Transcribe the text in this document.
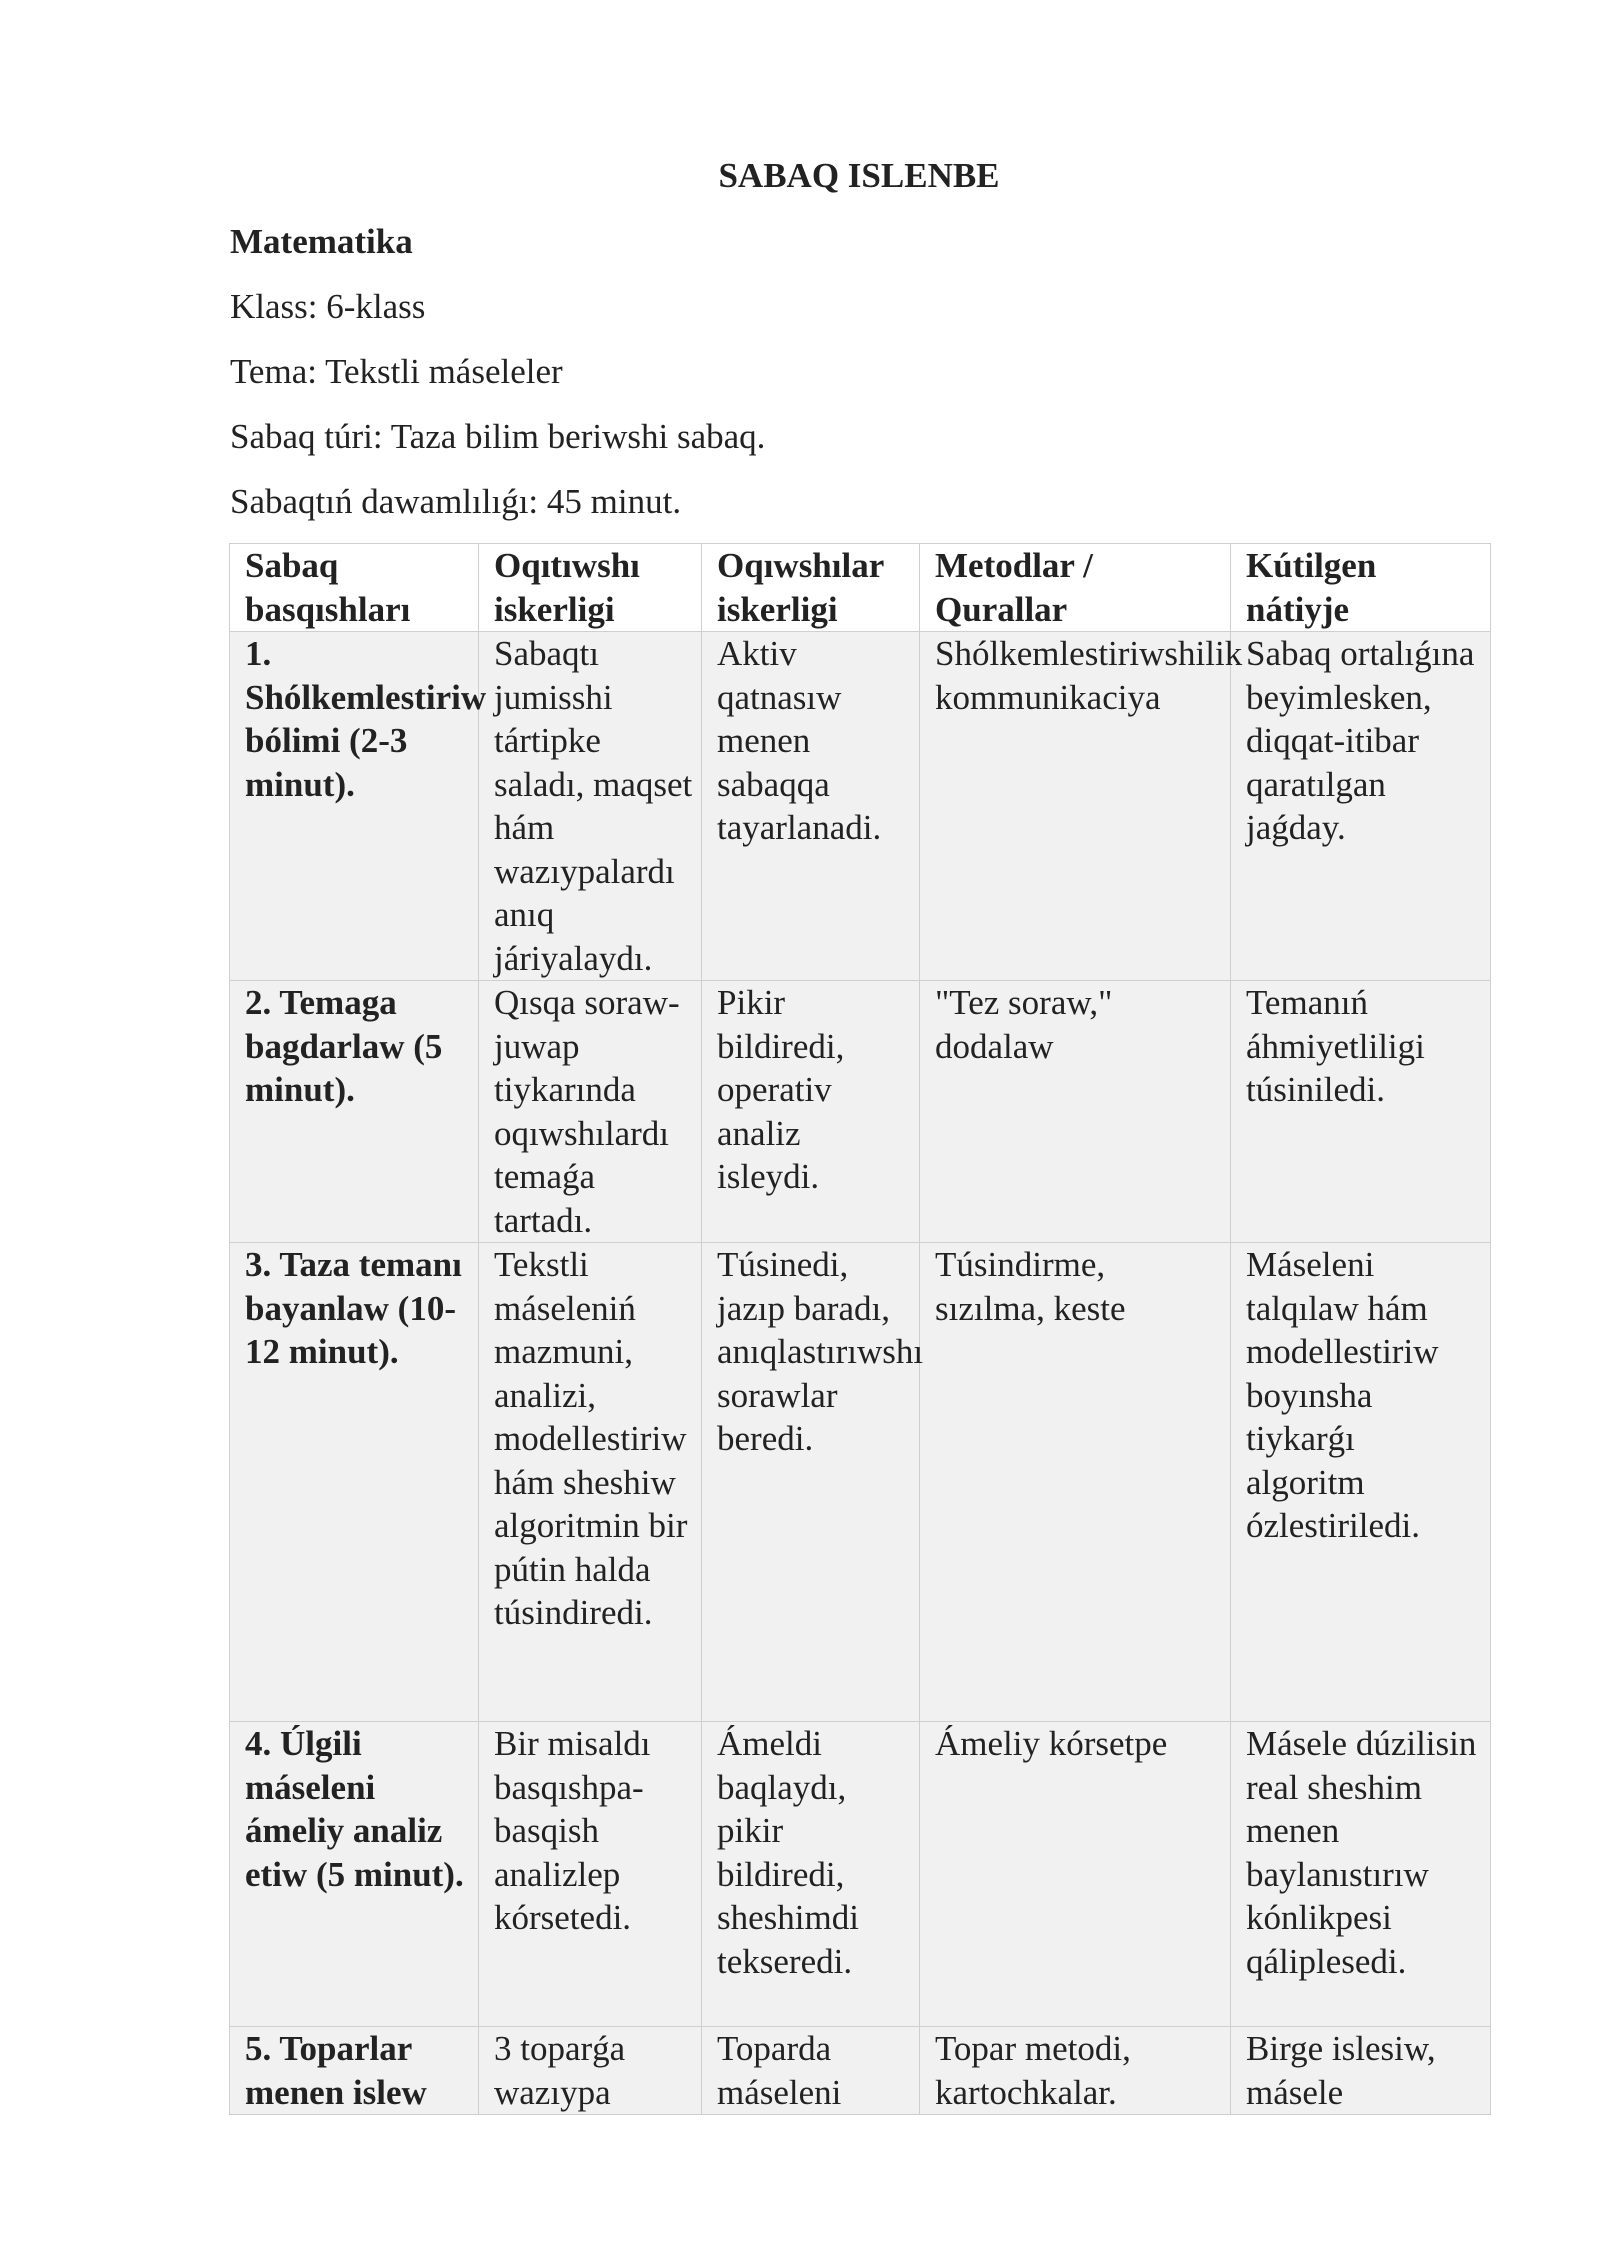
SABAQ ISLENBE

Matematika

Klass: 6-klass

Tema: Tekstli máseleler

Sabaq túri: Taza bilim beriwshi sabaq.

Sabaqtıń dawamlılıǵı: 45 minut.

Sabaq basqıshları	Oqıtıwshı iskerligi	Oqıwshılar iskerligi	Metodlar / Qurallar	Kútilgen nátiyje
1. Shólkemlestiriw bólimi (2-3 minut).	Sabaqtı jumisshi tártipke saladı, maqset hám wazıypalardı anıq járiyalaydı.	Aktiv qatnasıw menen sabaqqa tayarlanadi.	Shólkemlestiriwshilik kommunikaciya	Sabaq ortalıǵına beyimlesken, diqqat-itibar qaratılgan jaǵday.
2. Temaga bagdarlaw (5 minut).	Qısqa soraw-juwap tiykarında oqıwshılardı temaǵa tartadı.	Pikir bildiredi, operativ analiz isleydi.	"Tez soraw," dodalaw	Temanıń áhmiyetliligi túsiniledi.
3. Taza temanı bayanlaw (10-12 minut).	Tekstli máseleniń mazmuni, analizi, modellestiriw hám sheshiw algoritmin bir pútin halda túsindiredi.	Túsinedi, jazıp baradı, anıqlastırıwshı sorawlar beredi.	Túsindirme, sızılma, keste	Máseleni talqılaw hám modellestiriw boyınsha tiykarǵı algoritm ózlestiriledi.
4. Úlgili máseleni ámeliy analiz etiw (5 minut).	Bir misaldı basqıshpa-basqish analizlep kórsetedi.	Ámeldi baqlaydı, pikir bildiredi, sheshimdi tekseredi.	Ámeliy kórsetpe	Másele dúzilisin real sheshim menen baylanıstırıw kónlikpesi qáliplesedi.
5. Toparlar menen islew	3 toparǵa wazıypa	Toparda máseleni	Topar metodi, kartochkalar.	Birge islesiw, másele
